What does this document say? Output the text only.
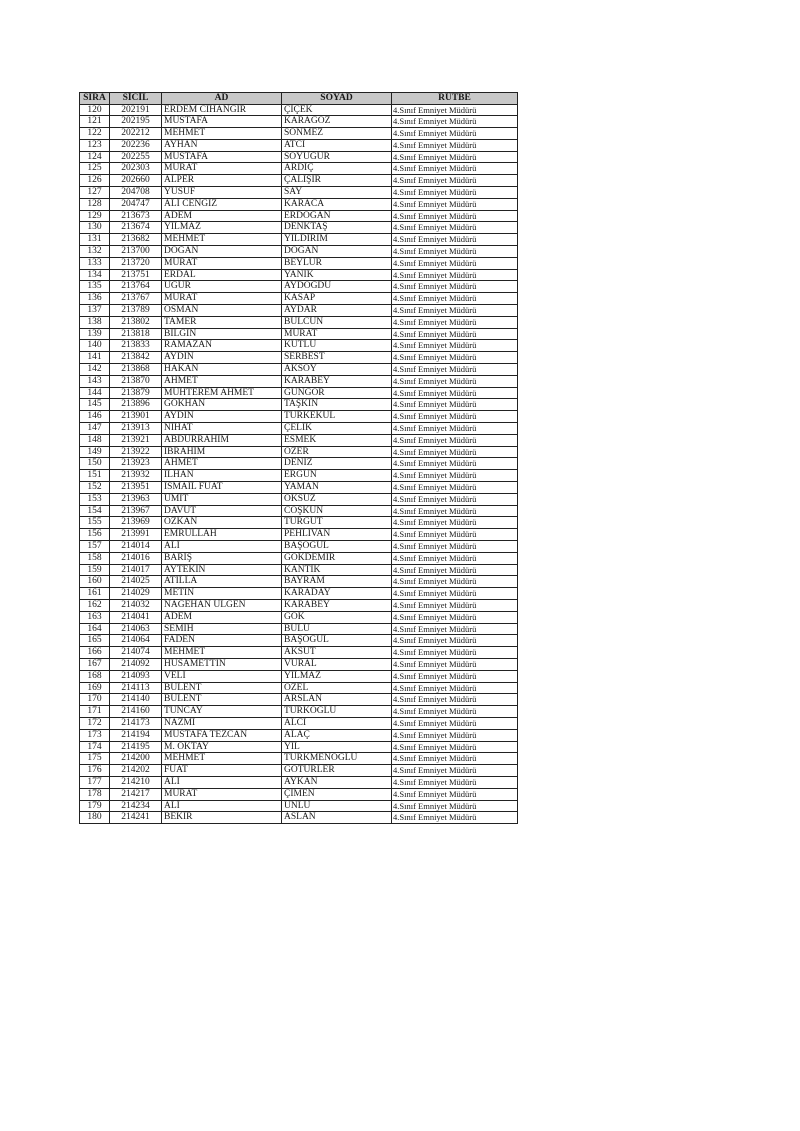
SIRA	SİCİL	AD	SOYAD	RÜTBE
120	202191	ERDEM CİHANGİR	ÇİÇEK	4.Sınıf Emniyet Müdürü
121	202195	MUSTAFA	KARAGÖZ	4.Sınıf Emniyet Müdürü
122	202212	MEHMET	SÖNMEZ	4.Sınıf Emniyet Müdürü
123	202236	AYHAN	ATCI	4.Sınıf Emniyet Müdürü
124	202255	MUSTAFA	SOYUĞUR	4.Sınıf Emniyet Müdürü
125	202303	MURAT	ARDIÇ	4.Sınıf Emniyet Müdürü
126	202660	ALPER	ÇALIŞIR	4.Sınıf Emniyet Müdürü
127	204708	YUSUF	SAY	4.Sınıf Emniyet Müdürü
128	204747	ALİ CENGİZ	KARACA	4.Sınıf Emniyet Müdürü
129	213673	ADEM	ERDOĞAN	4.Sınıf Emniyet Müdürü
130	213674	YILMAZ	DENKTAŞ	4.Sınıf Emniyet Müdürü
131	213682	MEHMET	YILDIRIM	4.Sınıf Emniyet Müdürü
132	213700	DOĞAN	DOĞAN	4.Sınıf Emniyet Müdürü
133	213720	MURAT	BEYLUR	4.Sınıf Emniyet Müdürü
134	213751	ERDAL	YANIK	4.Sınıf Emniyet Müdürü
135	213764	UĞUR	AYDOĞDU	4.Sınıf Emniyet Müdürü
136	213767	MURAT	KASAP	4.Sınıf Emniyet Müdürü
137	213789	OSMAN	AYDAR	4.Sınıf Emniyet Müdürü
138	213802	TAMER	BULCUN	4.Sınıf Emniyet Müdürü
139	213818	BİLGİN	MURAT	4.Sınıf Emniyet Müdürü
140	213833	RAMAZAN	KUTLU	4.Sınıf Emniyet Müdürü
141	213842	AYDIN	SERBEST	4.Sınıf Emniyet Müdürü
142	213868	HAKAN	AKSOY	4.Sınıf Emniyet Müdürü
143	213870	AHMET	KARABEY	4.Sınıf Emniyet Müdürü
144	213879	MUHTEREM AHMET	GÜNGÖR	4.Sınıf Emniyet Müdürü
145	213896	GÖKHAN	TAŞKIN	4.Sınıf Emniyet Müdürü
146	213901	AYDIN	TÜRKEKUL	4.Sınıf Emniyet Müdürü
147	213913	NİHAT	ÇELİK	4.Sınıf Emniyet Müdürü
148	213921	ABDURRAHİM	ESMEK	4.Sınıf Emniyet Müdürü
149	213922	İBRAHİM	ÖZER	4.Sınıf Emniyet Müdürü
150	213923	AHMET	DENİZ	4.Sınıf Emniyet Müdürü
151	213932	İLHAN	ERGÜN	4.Sınıf Emniyet Müdürü
152	213951	İSMAİL FUAT	YAMAN	4.Sınıf Emniyet Müdürü
153	213963	ÜMİT	ÖKSÜZ	4.Sınıf Emniyet Müdürü
154	213967	DAVUT	COŞKUN	4.Sınıf Emniyet Müdürü
155	213969	ÖZKAN	TURGUT	4.Sınıf Emniyet Müdürü
156	213991	EMRULLAH	PEHLİVAN	4.Sınıf Emniyet Müdürü
157	214014	ALİ	BAŞOĞUL	4.Sınıf Emniyet Müdürü
158	214016	BARIŞ	GÖKDEMİR	4.Sınıf Emniyet Müdürü
159	214017	AYTEKİN	KANTIK	4.Sınıf Emniyet Müdürü
160	214025	ATILLA	BAYRAM	4.Sınıf Emniyet Müdürü
161	214029	METİN	KARADAY	4.Sınıf Emniyet Müdürü
162	214032	NAGEHAN ÜLGEN	KARABEY	4.Sınıf Emniyet Müdürü
163	214041	ADEM	GÖK	4.Sınıf Emniyet Müdürü
164	214063	SEMİH	BULU	4.Sınıf Emniyet Müdürü
165	214064	FADEN	BAŞOĞUL	4.Sınıf Emniyet Müdürü
166	214074	MEHMET	AKSÜT	4.Sınıf Emniyet Müdürü
167	214092	HÜSAMETTİN	VURAL	4.Sınıf Emniyet Müdürü
168	214093	VELİ	YILMAZ	4.Sınıf Emniyet Müdürü
169	214113	BÜLENT	ÖZEL	4.Sınıf Emniyet Müdürü
170	214140	BÜLENT	ARSLAN	4.Sınıf Emniyet Müdürü
171	214160	TUNCAY	TÜRKOĞLU	4.Sınıf Emniyet Müdürü
172	214173	NAZMİ	ALCI	4.Sınıf Emniyet Müdürü
173	214194	MUSTAFA TEZCAN	ALAÇ	4.Sınıf Emniyet Müdürü
174	214195	M. OKTAY	YIL	4.Sınıf Emniyet Müdürü
175	214200	MEHMET	TÜRKMENOĞLU	4.Sınıf Emniyet Müdürü
176	214202	FUAT	GÖTÜRLER	4.Sınıf Emniyet Müdürü
177	214210	ALİ	AYKAN	4.Sınıf Emniyet Müdürü
178	214217	MURAT	ÇİMEN	4.Sınıf Emniyet Müdürü
179	214234	ALİ	ÜNLÜ	4.Sınıf Emniyet Müdürü
180	214241	BEKİR	ASLAN	4.Sınıf Emniyet Müdürü
